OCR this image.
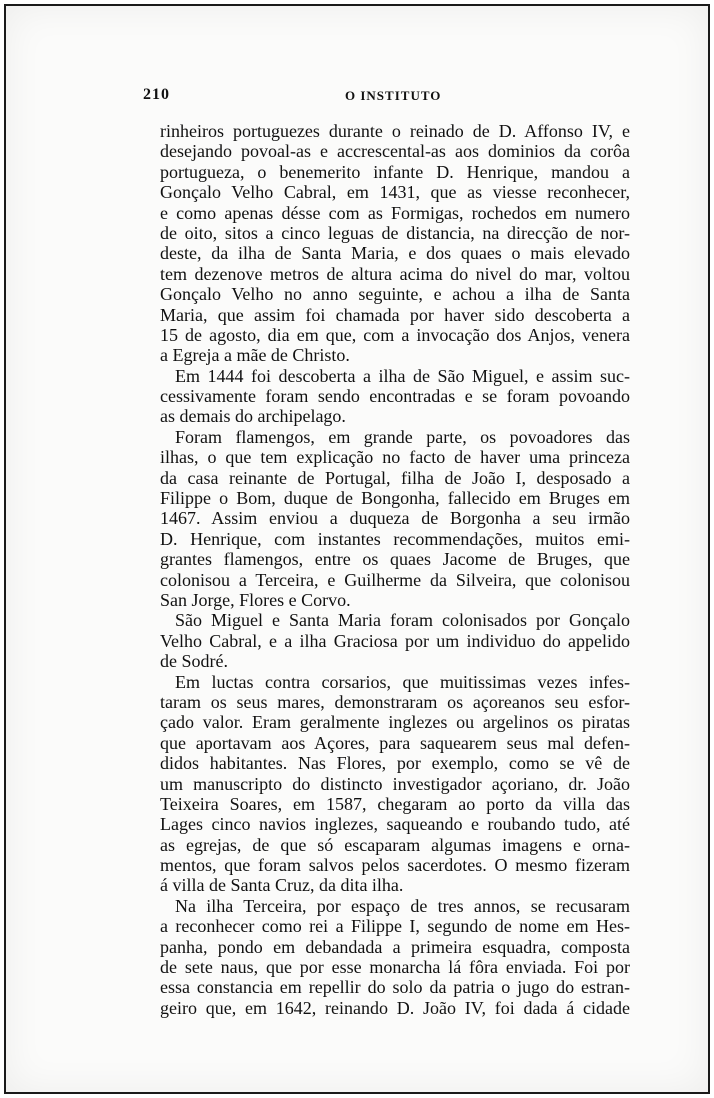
210	O INSTITUTO
rinheiros portuguezes durante o reinado de D. Affonso IV, e
desejando povoal-as e accrescental-as aos dominios da corôa
portugueza, o benemerito infante D. Henrique, mandou a
Gonçalo Velho Cabral, em 1431, que as viesse reconhecer,
e como apenas désse com as Formigas, rochedos em numero
de oito, sitos a cinco leguas de distancia, na direcção de nor-
deste, da ilha de Santa Maria, e dos quaes o mais elevado
tem dezenove metros de altura acima do nivel do mar, voltou
Gonçalo Velho no anno seguinte, e achou a ilha de Santa
Maria, que assim foi chamada por haver sido descoberta a
15 de agosto, dia em que, com a invocação dos Anjos, venera
a Egreja a mãe de Christo.
Em 1444 foi descoberta a ilha de São Miguel, e assim suc-
cessivamente foram sendo encontradas e se foram povoando
as demais do archipelago.
Foram flamengos, em grande parte, os povoadores das
ilhas, o que tem explicação no facto de haver uma princeza
da casa reinante de Portugal, filha de João I, desposado a
Filippe o Bom, duque de Bongonha, fallecido em Bruges em
1467. Assim enviou a duqueza de Borgonha a seu irmão
D. Henrique, com instantes recommendações, muitos emi-
grantes flamengos, entre os quaes Jacome de Bruges, que
colonisou a Terceira, e Guilherme da Silveira, que colonisou
San Jorge, Flores e Corvo.
São Miguel e Santa Maria foram colonisados por Gonçalo
Velho Cabral, e a ilha Graciosa por um individuo do appelido
de Sodré.
Em luctas contra corsarios, que muitissimas vezes infes-
taram os seus mares, demonstraram os açoreanos seu esfor-
çado valor. Eram geralmente inglezes ou argelinos os piratas
que aportavam aos Açores, para saquearem seus mal defen-
didos habitantes. Nas Flores, por exemplo, como se vê de
um manuscripto do distincto investigador açoriano, dr. João
Teixeira Soares, em 1587, chegaram ao porto da villa das
Lages cinco navios inglezes, saqueando e roubando tudo, até
as egrejas, de que só escaparam algumas imagens e orna-
mentos, que foram salvos pelos sacerdotes. O mesmo fizeram
á villa de Santa Cruz, da dita ilha.
Na ilha Terceira, por espaço de tres annos, se recusaram
a reconhecer como rei a Filippe I, segundo de nome em Hes-
panha, pondo em debandada a primeira esquadra, composta
de sete naus, que por esse monarcha lá fôra enviada. Foi por
essa constancia em repellir do solo da patria o jugo do estran-
geiro que, em 1642, reinando D. João IV, foi dada á cidade
